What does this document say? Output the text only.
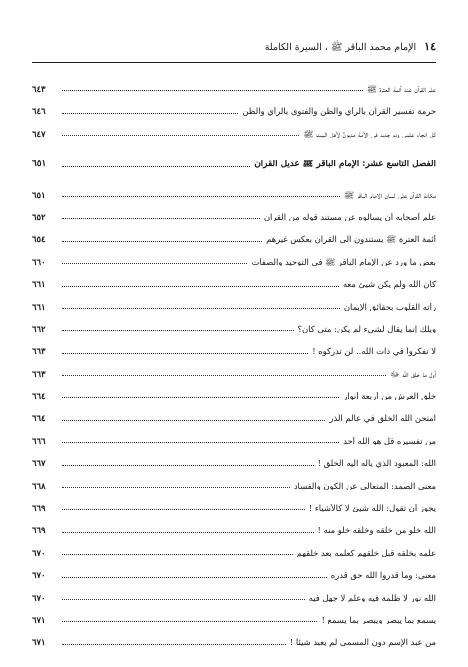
١٤
الإمام محمد الباقر ﷺ ، السيرة الكاملة
علم القرآن عند أئمة العترة ﷺ
٦٤٣
حرمة تفسير القرآن بالرأي والظن والفتوى بالرأي والظن
٦٤٦
كل انجاء علمي ودم جديد في الأمة مديونٌ لأهل البيت ﷺ
٦٤٧
الفصل التاسع عشر: الإمام الباقر ﷺ عديل القرآن
٦٥١
مكانة القرآن على لسان الإمام الباقر ﷺ
٦٥١
علم أصحابه أن يسألوه عن مستند قوله من القرآن
٦٥٢
أئمة العترة ﷺ يستندون الى القرآن بعكس غيرهم
٦٥٤
بعض ما ورد عن الإمام الباقر ﷺ في التوحيد والصفات
٦٦٠
كان الله ولم يكن شيئ معه
٦٦١
رأته القلوب بحقائق الإيمان
٦٦١
ويلك إنما يقال لشيء لم يكن: متى كان؟
٦٦٢
لا تفكروا في ذات الله.. لن تدركوه !
٦٦٣
أول ما خلق الله ﷻ
٦٦٣
خلق العرش من أربعة أنوار
٦٦٤
امتحن الله الخلق في عالم الذر
٦٦٤
من تفسيره قل هو الله أحد
٦٦٦
الله: المعبود الذي يأله اليه الخلق !
٦٦٧
معنى الصمد: المتعالي عن الكون والفساد
٦٦٨
يجوز أن تقول: الله شيئ لا كالأشياء !
٦٦٩
الله خلو من خلقه وخلقه خلو منه !
٦٦٩
علمه بخلقه قبل خلقهم كعلمه بعد خلقهم
٦٧٠
معنى: وما قدروا الله حق قدره
٦٧٠
الله نور لا ظلمة فيه وعلم لا جهل فيه
٦٧٠
يسمع بما يبصر ويبصر بما يسمع !
٦٧١
من عبد الإسم دون المسمى لم يعبد شيئاً !
٦٧١
